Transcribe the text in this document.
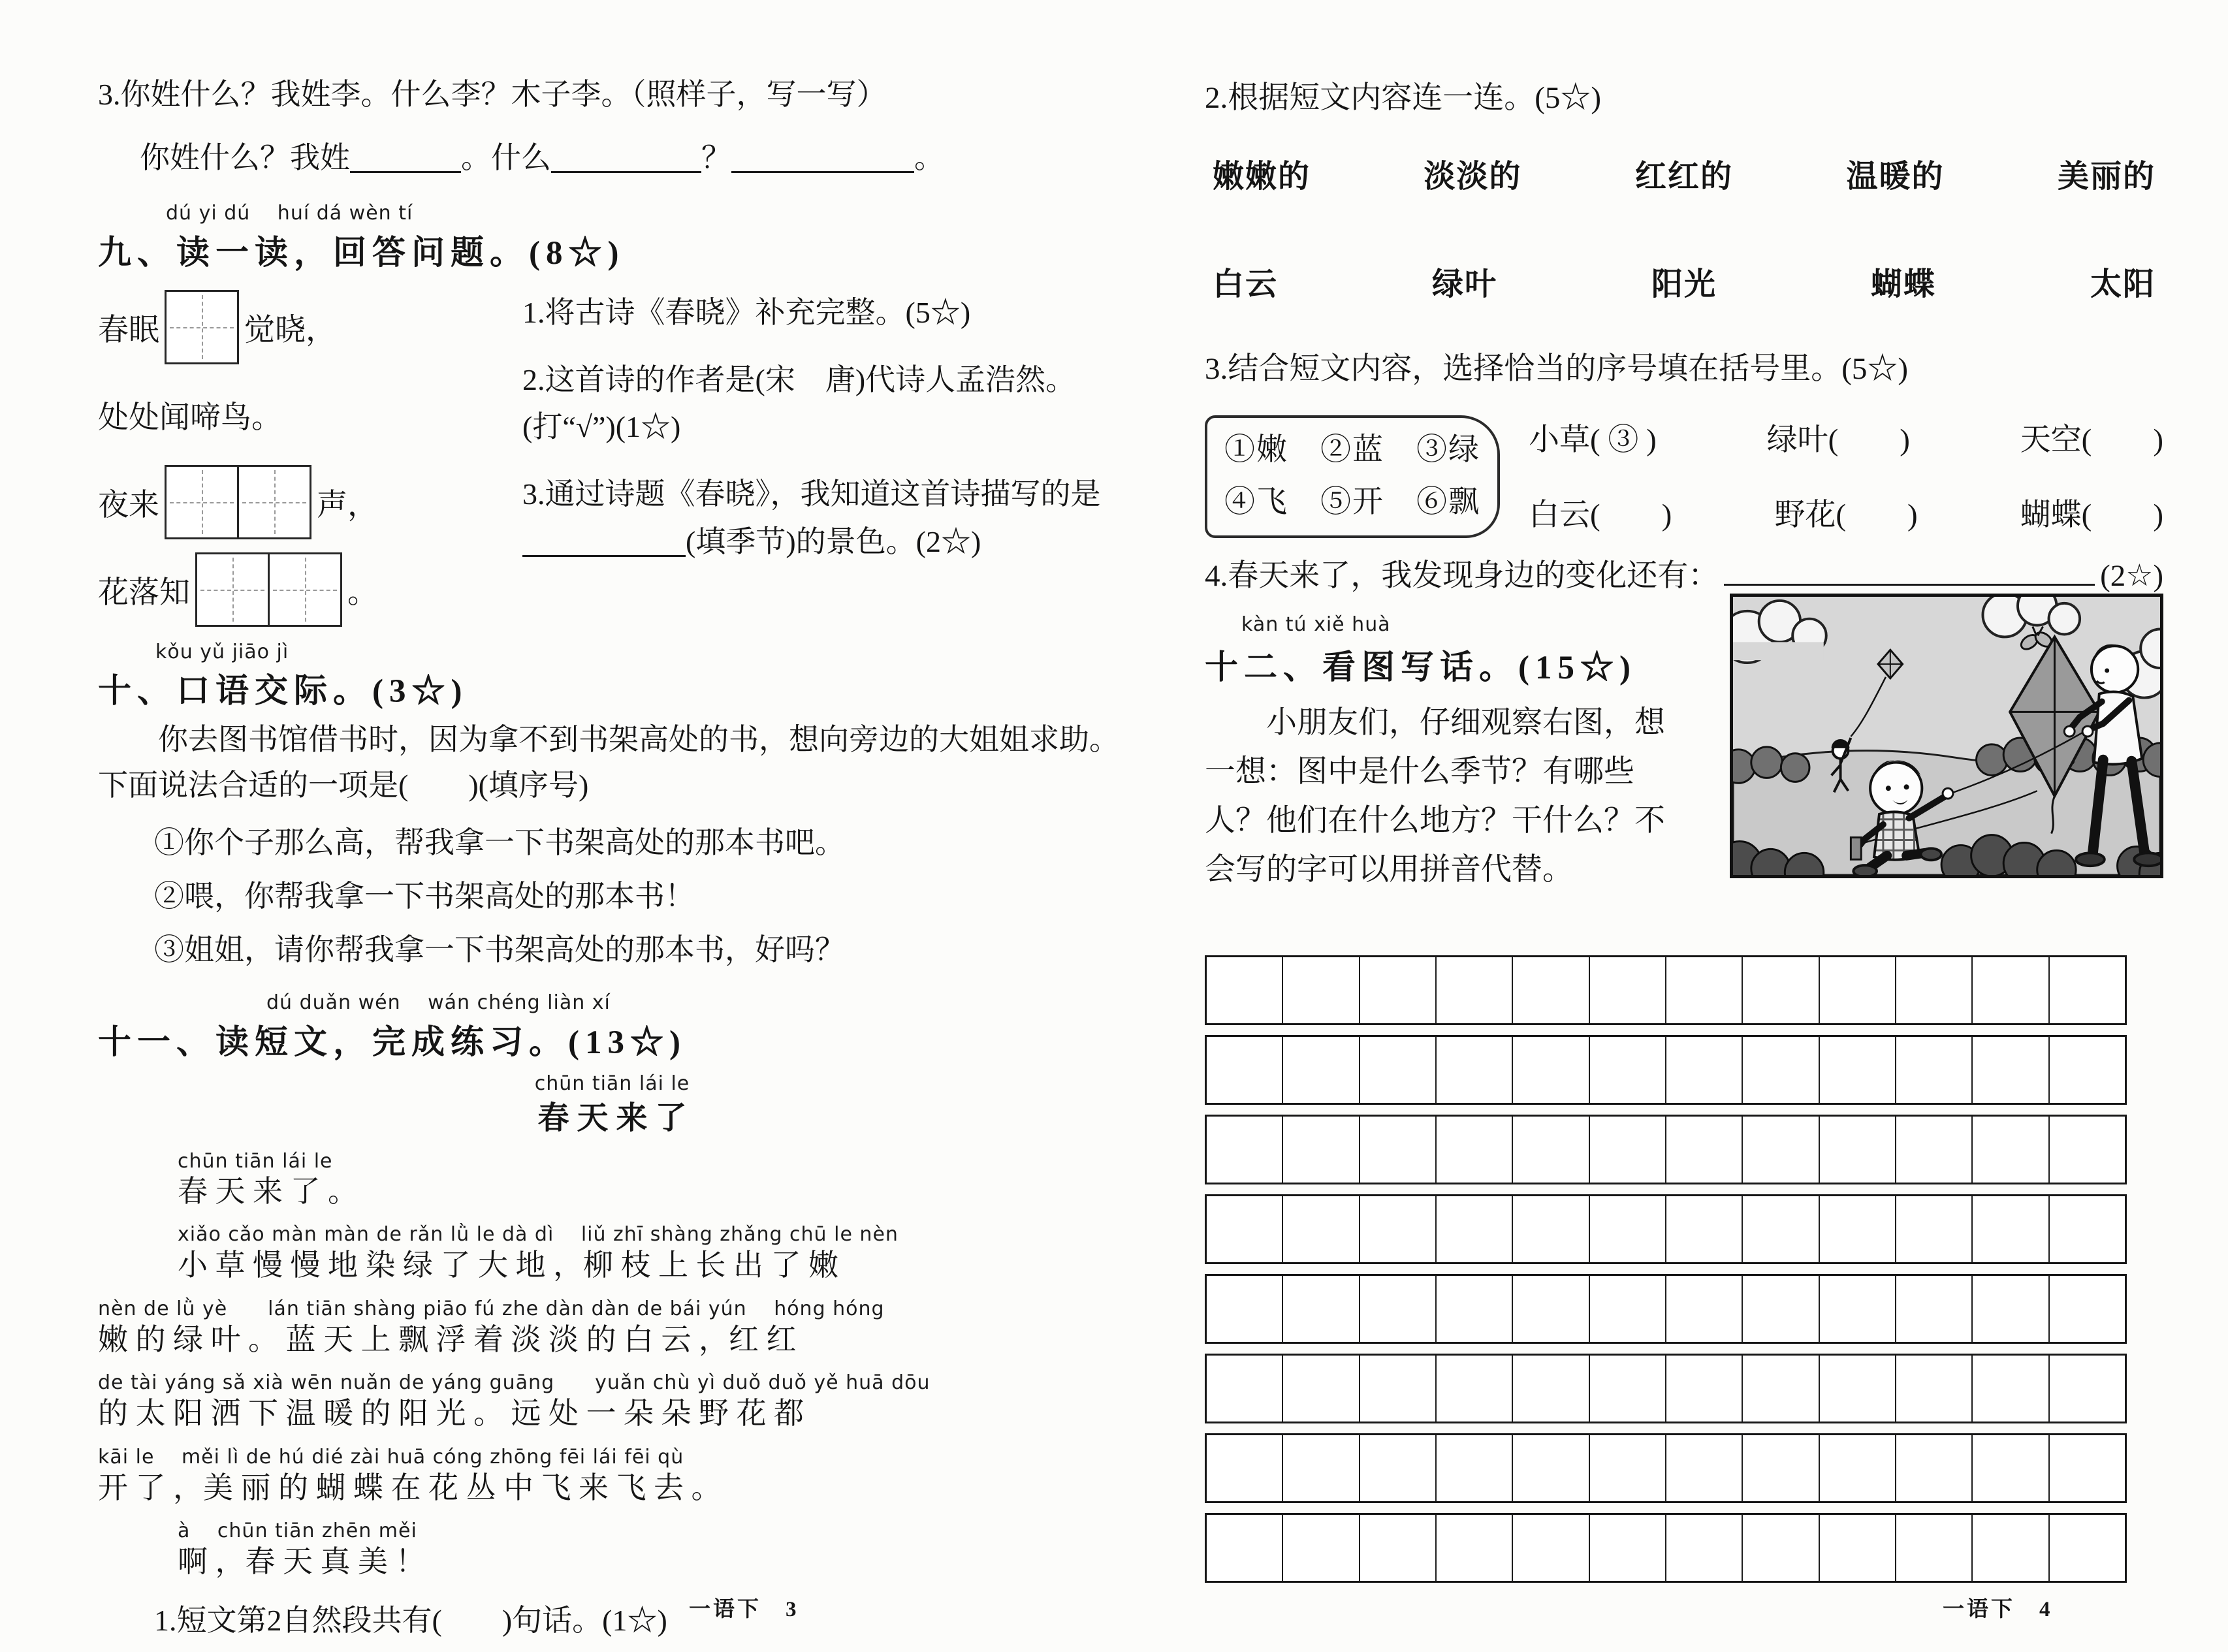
3.你姓什么？我姓李。什么李？木子李。（照样子，写一写）
你姓什么？我姓	。什么	？	。
dú yi dú　 huí dá wèn tí
九、读一读，回答问题。(8☆)
春眠	觉晓，
处处闻啼鸟。
夜来	声，
花落知	。
1.将古诗《春晓》补充完整。(5☆)
2.这首诗的作者是(宋　唐)代诗人孟浩然。(打“√”)(1☆)
3.通过诗题《春晓》，我知道这首诗描写的是(填季节)的景色。(2☆)
kǒu yǔ jiāo jì
十、口语交际。(3☆)
你去图书馆借书时，因为拿不到书架高处的书，想向旁边的大姐姐求助。下面说法合适的一项是(　　)(填序号)
①你个子那么高，帮我拿一下书架高处的那本书吧。
②喂，你帮我拿一下书架高处的那本书！
③姐姐，请你帮我拿一下书架高处的那本书，好吗？
dú duǎn wén　 wán chéng liàn xí
十一、读短文，完成练习。(13☆)
chūn tiān lái le
春 天 来 了
chūn tiān lái le
春 天 来 了 。
xiǎo cǎo màn màn de rǎn lǜ le dà dì　 liǔ zhī shàng zhǎng chū le nèn
小 草 慢 慢 地 染 绿 了 大 地 ，柳 枝 上 长 出 了 嫩
nèn de lǜ yè　　lán tiān shàng piāo fú zhe dàn dàn de bái yún　 hóng hóng
嫩 的 绿 叶 。 蓝 天 上 飘 浮 着 淡 淡 的 白 云 ，红 红
de tài yáng sǎ xià wēn nuǎn de yáng guāng　　yuǎn chù yì duǒ duǒ yě huā dōu
的 太 阳 洒 下 温 暖 的 阳 光 。 远 处 一 朵 朵 野 花 都
kāi le　 měi lì de hú dié zài huā cóng zhōng fēi lái fēi qù
开 了 ，美 丽 的 蝴 蝶 在 花 丛 中 飞 来 飞 去 。
à　 chūn tiān zhēn měi
啊 ，春 天 真 美 ！
1.短文第2自然段共有(　　)句话。(1☆)
2.根据短文内容连一连。(5☆)
嫩嫩的	淡淡的	红红的	温暖的	美丽的
白云	绿叶	阳光	蝴蝶	太阳
3.结合短文内容，选择恰当的序号填在括号里。(5☆)
①嫩　②蓝　③绿
④飞　⑤开　⑥飘
小草( ③ )	绿叶(　　)	天空(　　)
白云(　　)	野花(　　)	蝴蝶(　　)
4.春天来了，我发现身边的变化还有：	(2☆)
kàn tú xiě huà
十二、看图写话。(15☆)
小朋友们，仔细观察右图，想一想：图中是什么季节？有哪些人？他们在什么地方？干什么？不会写的字可以用拼音代替。
一语下　3	一语下　4
